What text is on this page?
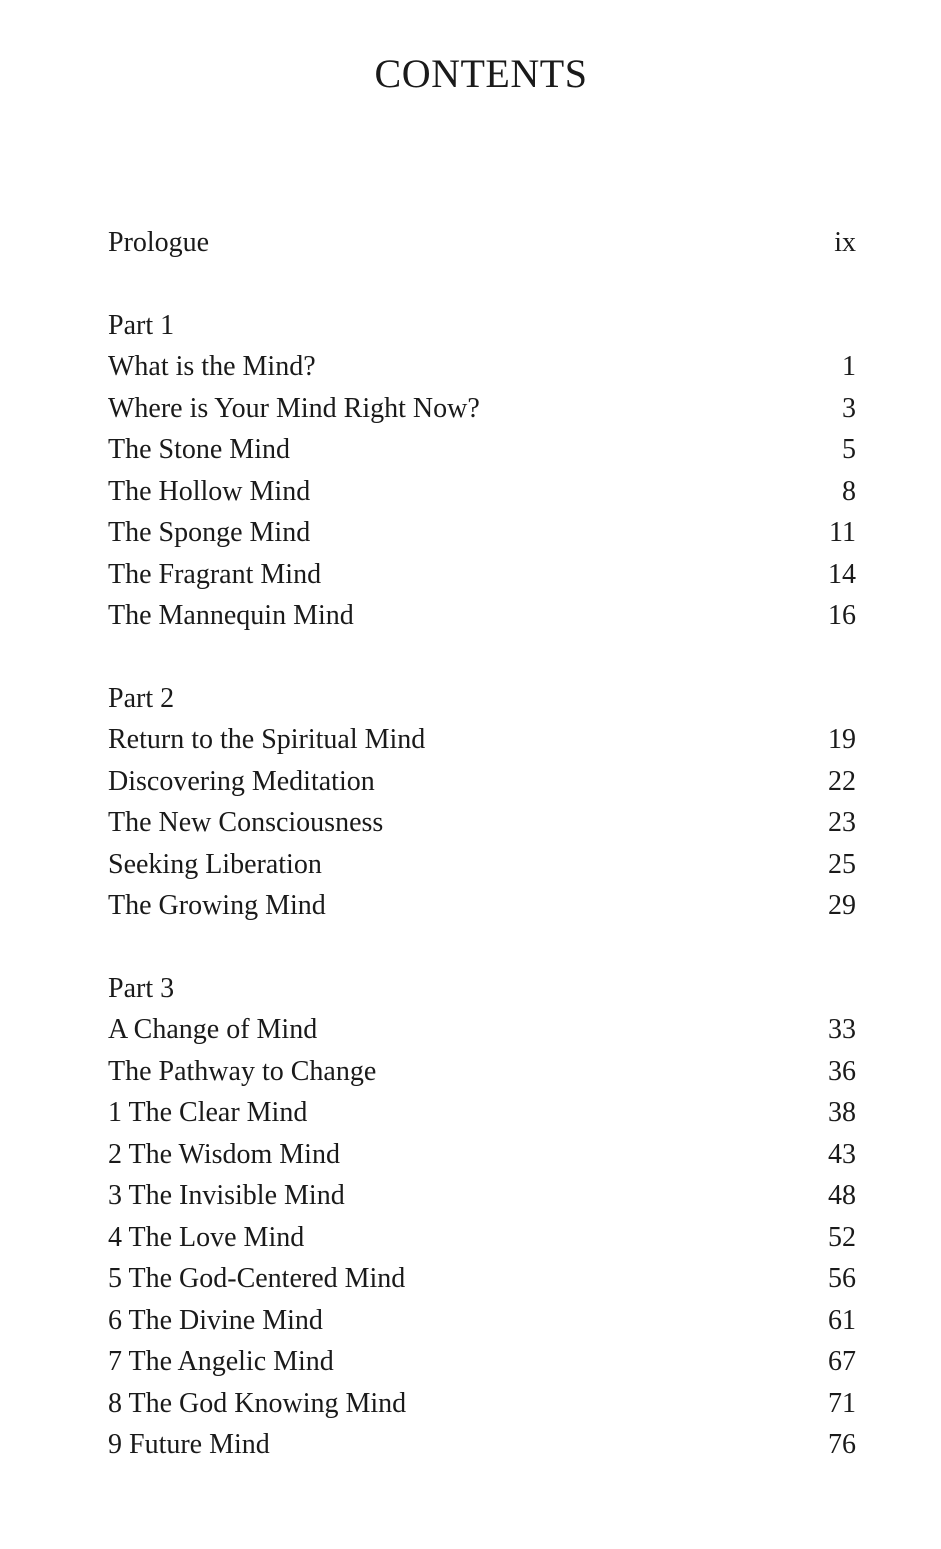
CONTENTS
Prologue	ix
Part 1
What is the Mind?	1
Where is Your Mind Right Now?	3
The Stone Mind	5
The Hollow Mind	8
The Sponge Mind	11
The Fragrant Mind	14
The Mannequin Mind	16
Part 2
Return to the Spiritual Mind	19
Discovering Meditation	22
The New Consciousness	23
Seeking Liberation	25
The Growing Mind	29
Part 3
A Change of Mind	33
The Pathway to Change	36
1 The Clear Mind	38
2 The Wisdom Mind	43
3 The Invisible Mind	48
4 The Love Mind	52
5 The God-Centered Mind	56
6 The Divine Mind	61
7 The Angelic Mind	67
8 The God Knowing Mind	71
9 Future Mind	76
